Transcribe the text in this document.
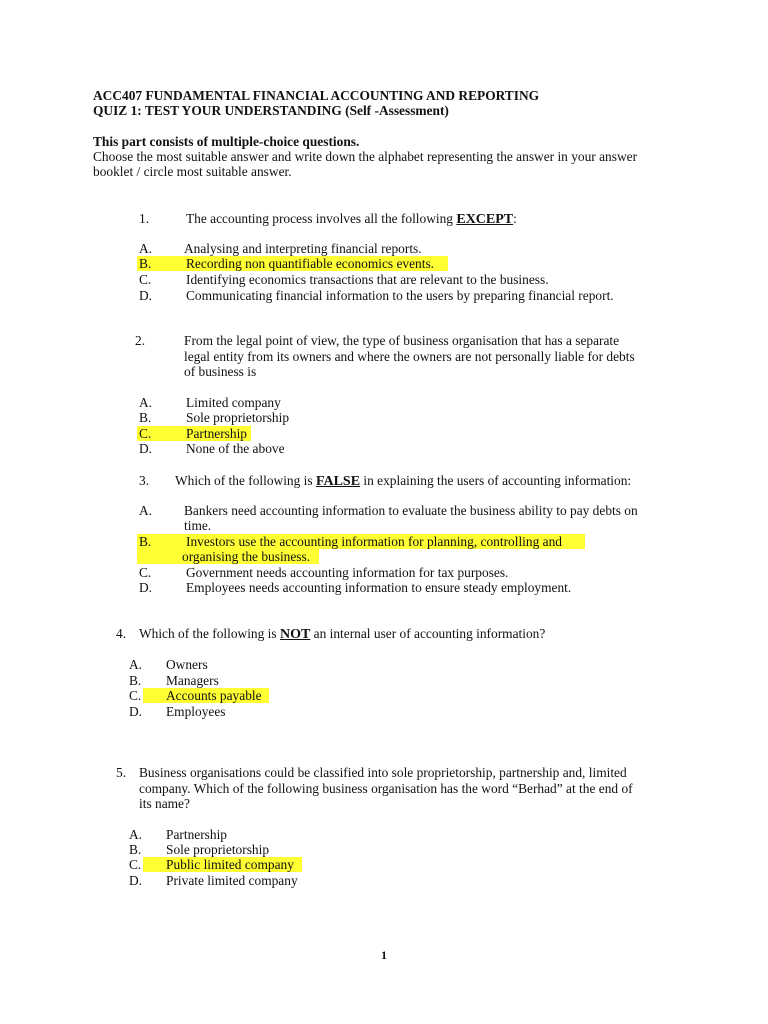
ACC407 FUNDAMENTAL FINANCIAL ACCOUNTING AND REPORTING
QUIZ 1: TEST YOUR UNDERSTANDING (Self -Assessment)
This part consists of multiple-choice questions.
Choose the most suitable answer and write down the alphabet representing the answer in your answer
booklet / circle most suitable answer.
1.	The accounting process involves all the following EXCEPT:
A. Analysing and interpreting financial reports.
B.	Recording non quantifiable economics events.
C.	Identifying economics transactions that are relevant to the business.
D.	Communicating financial information to the users by preparing financial report.
2.	From the legal point of view, the type of business organisation that has a separate
legal entity from its owners and where the owners are not personally liable for debts
of business is
A.	Limited company
B.	Sole proprietorship
C.	Partnership
D.	None of the above
3. Which of the following is FALSE in explaining the users of accounting information:
A. Bankers need accounting information to evaluate the business ability to pay debts on
time.
B.	Investors use the accounting information for planning, controlling and
organising the business.
C.	Government needs accounting information for tax purposes.
D.	Employees needs accounting information to ensure steady employment.
4. Which of the following is NOT an internal user of accounting information?
A. Owners
B. Managers
C. Accounts payable
D. Employees
5. Business organisations could be classified into sole proprietorship, partnership and, limited
company. Which of the following business organisation has the word “Berhad” at the end of
its name?
A. Partnership
B. Sole proprietorship
C. Public limited company
D. Private limited company
1
